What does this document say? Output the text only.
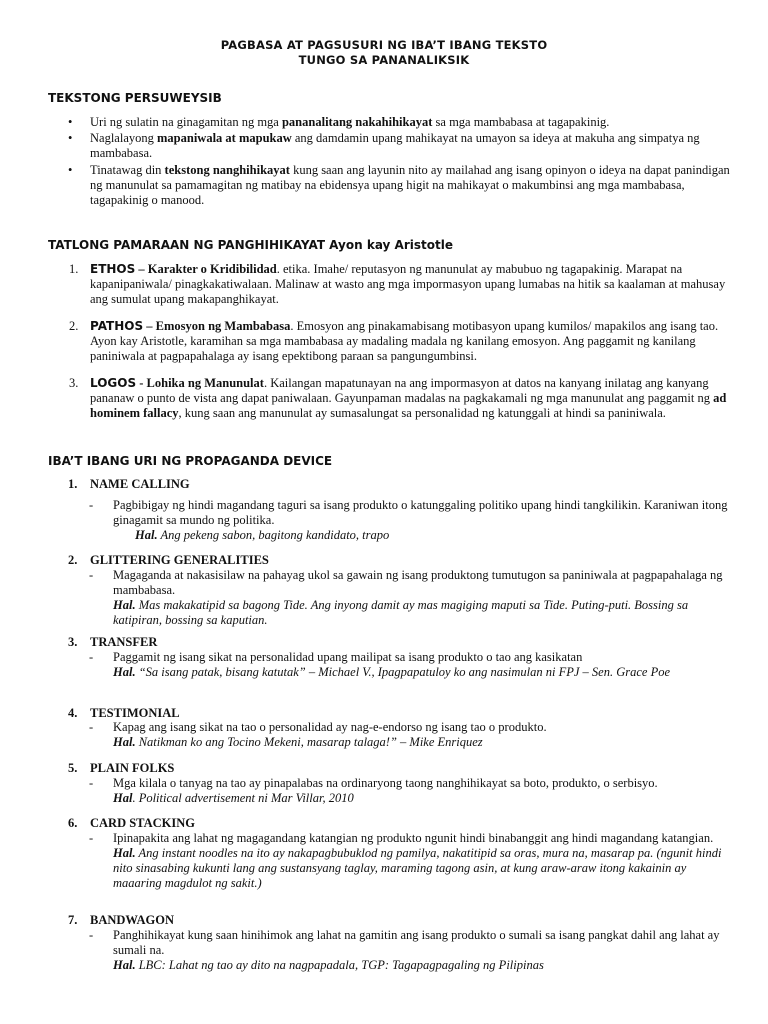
PAGBASA AT PAGSUSURI NG IBA’T IBANG TEKSTO
TUNGO SA PANANALIKSIK
TEKSTONG PERSUWEYSIB
• Uri ng sulatin na ginagamitan ng mga pananalitang nakahihikayat sa mga mambabasa at tagapakinig.
• Naglalayong mapaniwala at mapukaw ang damdamin upang mahikayat na umayon sa ideya at makuha ang simpatya ng mambabasa.
• Tinatawag din tekstong nanghihikayat kung saan ang layunin nito ay mailahad ang isang opinyon o ideya na dapat panindigan ng manunulat sa pamamagitan ng matibay na ebidensya upang higit na mahikayat o makumbinsi ang mga mambabasa, tagapakinig o manood.
TATLONG PAMARAAN NG PANGHIHIKAYAT Ayon kay Aristotle
1. ETHOS – Karakter o Kridibilidad. etika. Imahe/ reputasyon ng manunulat ay mabubuo ng tagapakinig. Marapat na kapanipaniwala/ pinagkakatiwalaan. Malinaw at wasto ang mga impormasyon upang lumabas na hitik sa kaalaman at mahusay ang sumulat upang makapanghikayat.
2. PATHOS – Emosyon ng Mambabasa. Emosyon ang pinakamabisang motibasyon upang kumilos/ mapakilos ang isang tao. Ayon kay Aristotle, karamihan sa mga mambabasa ay madaling madala ng kanilang emosyon. Ang paggamit ng kanilang paniniwala at pagpapahalaga ay isang epektibong paraan sa pangungumbinsi.
3. LOGOS - Lohika ng Manunulat. Kailangan mapatunayan na ang impormasyon at datos na kanyang inilatag ang kanyang pananaw o punto de vista ang dapat paniwalaan. Gayunpaman madalas na pagkakamali ng mga manunulat ang paggamit ng ad hominem fallacy, kung saan ang manunulat ay sumasalungat sa personalidad ng katunggali at hindi sa paniniwala.
IBA’T IBANG URI NG PROPAGANDA DEVICE
1. NAME CALLING
- Pagbibigay ng hindi magandang taguri sa isang produkto o katunggaling politiko upang hindi tangkilikin. Karaniwan itong ginagamit sa mundo ng politika.
Hal. Ang pekeng sabon, bagitong kandidato, trapo
2. GLITTERING GENERALITIES
- Magaganda at nakasisilaw na pahayag ukol sa gawain ng isang produktong tumutugon sa paniniwala at pagpapahalaga ng mambabasa.
Hal. Mas makakatipid sa bagong Tide. Ang inyong damit ay mas magiging maputi sa Tide. Puting-puti. Bossing sa katipiran, bossing sa kaputian.
3. TRANSFER
- Paggamit ng isang sikat na personalidad upang mailipat sa isang produkto o tao ang kasikatan
Hal. “Sa isang patak, bisang katutak” – Michael V., Ipagpapatuloy ko ang nasimulan ni FPJ – Sen. Grace Poe
4. TESTIMONIAL
- Kapag ang isang sikat na tao o personalidad ay nag-e-endorso ng isang tao o produkto.
Hal. Natikman ko ang Tocino Mekeni, masarap talaga!” – Mike Enriquez
5. PLAIN FOLKS
- Mga kilala o tanyag na tao ay pinapalabas na ordinaryong taong nanghihikayat sa boto, produkto, o serbisyo.
Hal. Political advertisement ni Mar Villar, 2010
6. CARD STACKING
- Ipinapakita ang lahat ng magagandang katangian ng produkto ngunit hindi binabanggit ang hindi magandang katangian.
Hal. Ang instant noodles na ito ay nakapagbubuklod ng pamilya, nakatitipid sa oras, mura na, masarap pa. (ngunit hindi nito sinasabing kukunti lang ang sustansyang taglay, maraming tagong asin, at kung araw-araw itong kakainin ay maaaring magdulot ng sakit.)
7. BANDWAGON
- Panghihikayat kung saan hinihimok ang lahat na gamitin ang isang produkto o sumali sa isang pangkat dahil ang lahat ay sumali na.
Hal. LBC: Lahat ng tao ay dito na nagpapadala, TGP: Tagapagpagaling ng Pilipinas
